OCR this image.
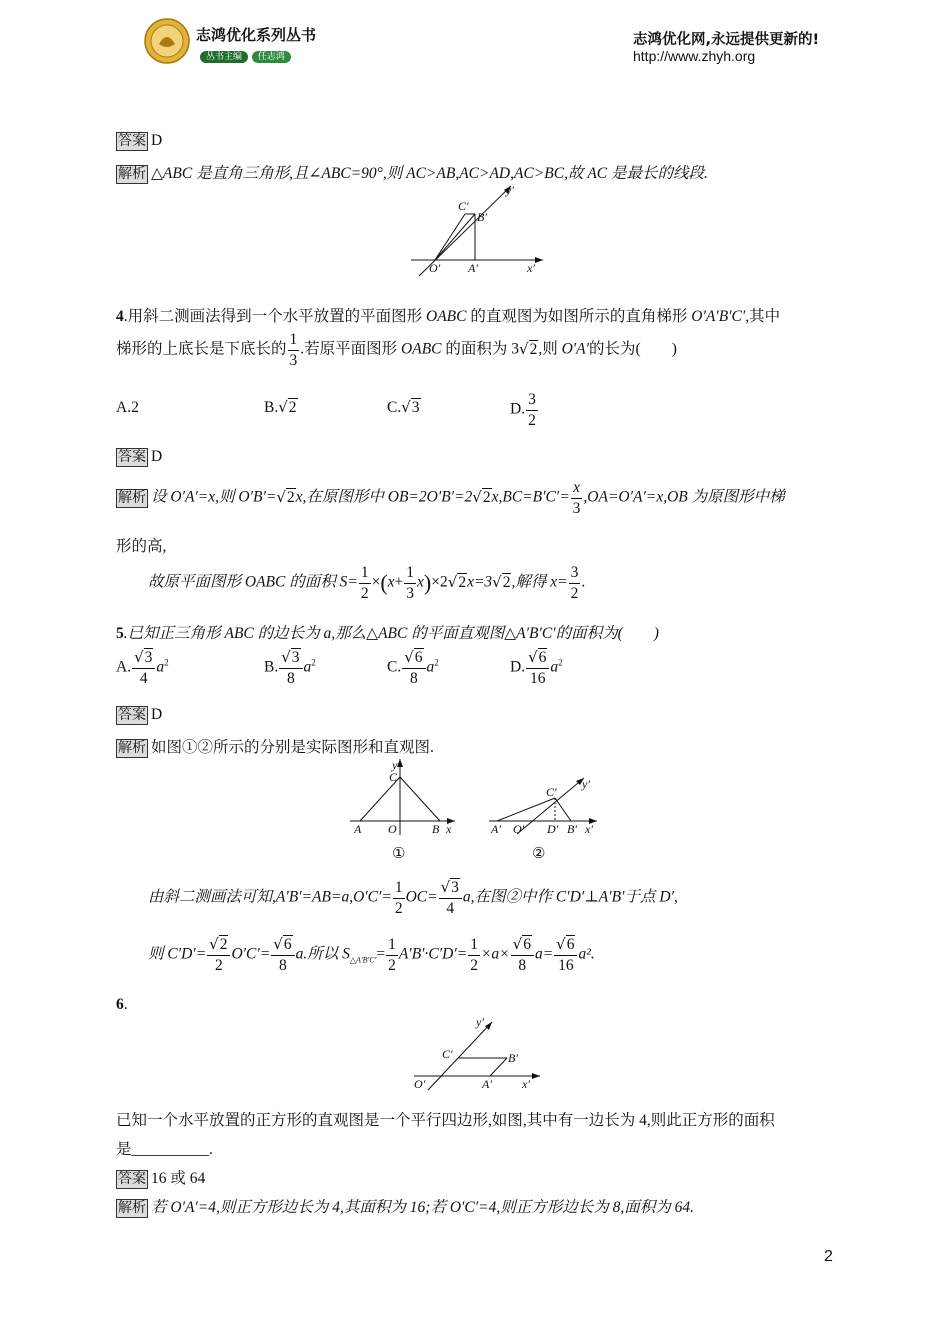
志鸿优化系列丛书
丛书主编 任志鸿
志鸿优化网,永远提供更新的!
http://www.zhyh.org
答案 D
解析 △ABC 是直角三角形,且∠ABC=90°,则 AC>AB,AC>AD,AC>BC,故 AC 是最长的线段.
C′
B′
y′
O′ A′	x′
4.用斜二测画法得到一个水平放置的平面图形 OABC 的直观图为如图所示的直角梯形 O′A′B′C′,其中
梯形的上底长是下底长的 $\frac{1}{3}$ .若原平面图形 OABC 的面积为 3√2,则 O′A′的长为(　　)
A.2	B.√2	C.√3	D. $\frac{3}{2}$
答案 D
解析 设 O′A′=x,则 O′B′=√2x,在原图形中 $OB=2O'B'=2√2x,BC=B'C'= \frac{x}{3} ,OA=O'A'=x,OB$ 为原图形中梯
形的高,
故原平面图形 OABC 的面积 $S= \frac{1}{2} \times(x+ \frac{1}{3} x)\times 2√2x=3√2$,解得 $x= \frac{3}{2}$ .
5.已知正三角形 ABC 的边长为 a,那么△ABC 的平面直观图△A′B′C′的面积为(　　)
A. $\frac{√3}{4} a^2$	B. $\frac{√3}{8} a^2$	C. $\frac{√6}{8} a^2$	D. $\frac{√6}{16} a^2$
答案 D
解析 如图①②所示的分别是实际图形和直观图.
y
C
A O	B x
①
C′
y′
A′ O′ D′ B′ x′
②
由斜二测画法可知$,A'B'=AB=a,O'C'= \frac{1}{2} OC= \frac{√3}{4} a$,在图②中作 C′D′⊥A′B′于点 D′,
则 $C'D'= \frac{√2}{2} O'C'= \frac{√6}{8} a$.所以 $S_{\triangle A'B'C'}= \frac{1}{2} A'B'\cdot C'D'= \frac{1}{2} \times a\times \frac{√6}{8} a= \frac{√6}{16} a^2$.
6.
y′
C′	B′
O′	A′	x′
已知一个水平放置的正方形的直观图是一个平行四边形,如图,其中有一边长为 4,则此正方形的面积
是__________.
答案 16 或 64
解析 若 O′A′=4,则正方形边长为 4,其面积为 16;若 O′C′=4,则正方形边长为 8,面积为 64.
2
